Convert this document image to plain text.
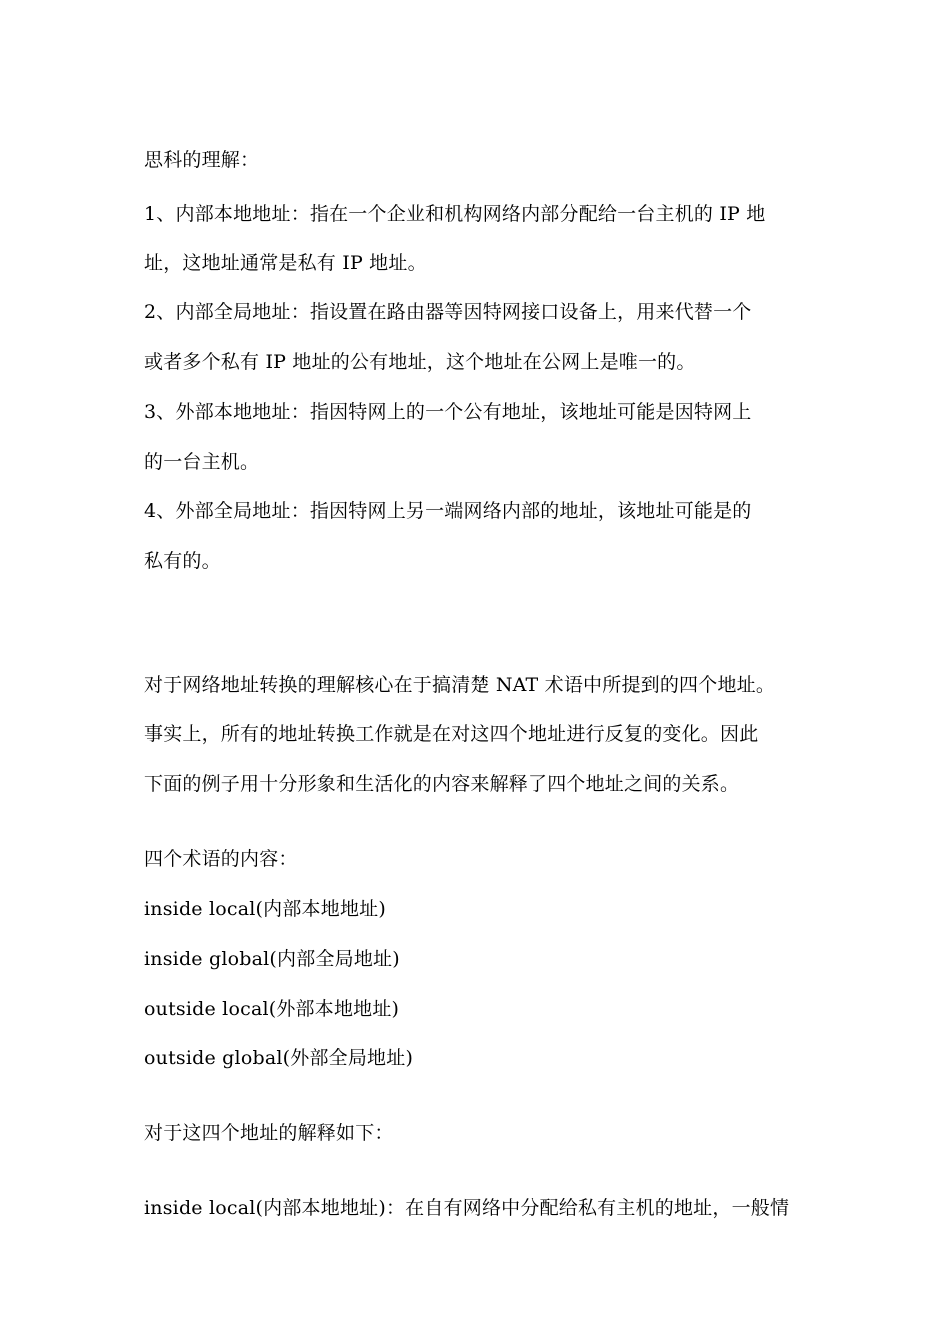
思科的理解：
1、内部本地地址：指在一个企业和机构网络内部分配给一台主机的 IP 地
址，这地址通常是私有 IP 地址。
2、内部全局地址：指设置在路由器等因特网接口设备上，用来代替一个
或者多个私有 IP 地址的公有地址，这个地址在公网上是唯一的。
3、外部本地地址：指因特网上的一个公有地址，该地址可能是因特网上
的一台主机。
4、外部全局地址：指因特网上另一端网络内部的地址，该地址可能是的
私有的。
对于网络地址转换的理解核心在于搞清楚 NAT 术语中所提到的四个地址。
事实上，所有的地址转换工作就是在对这四个地址进行反复的变化。因此
下面的例子用十分形象和生活化的内容来解释了四个地址之间的关系。
四个术语的内容：
inside local(内部本地地址)
inside global(内部全局地址)
outside local(外部本地地址)
outside global(外部全局地址)
对于这四个地址的解释如下：
inside local(内部本地地址)：在自有网络中分配给私有主机的地址，一般情
